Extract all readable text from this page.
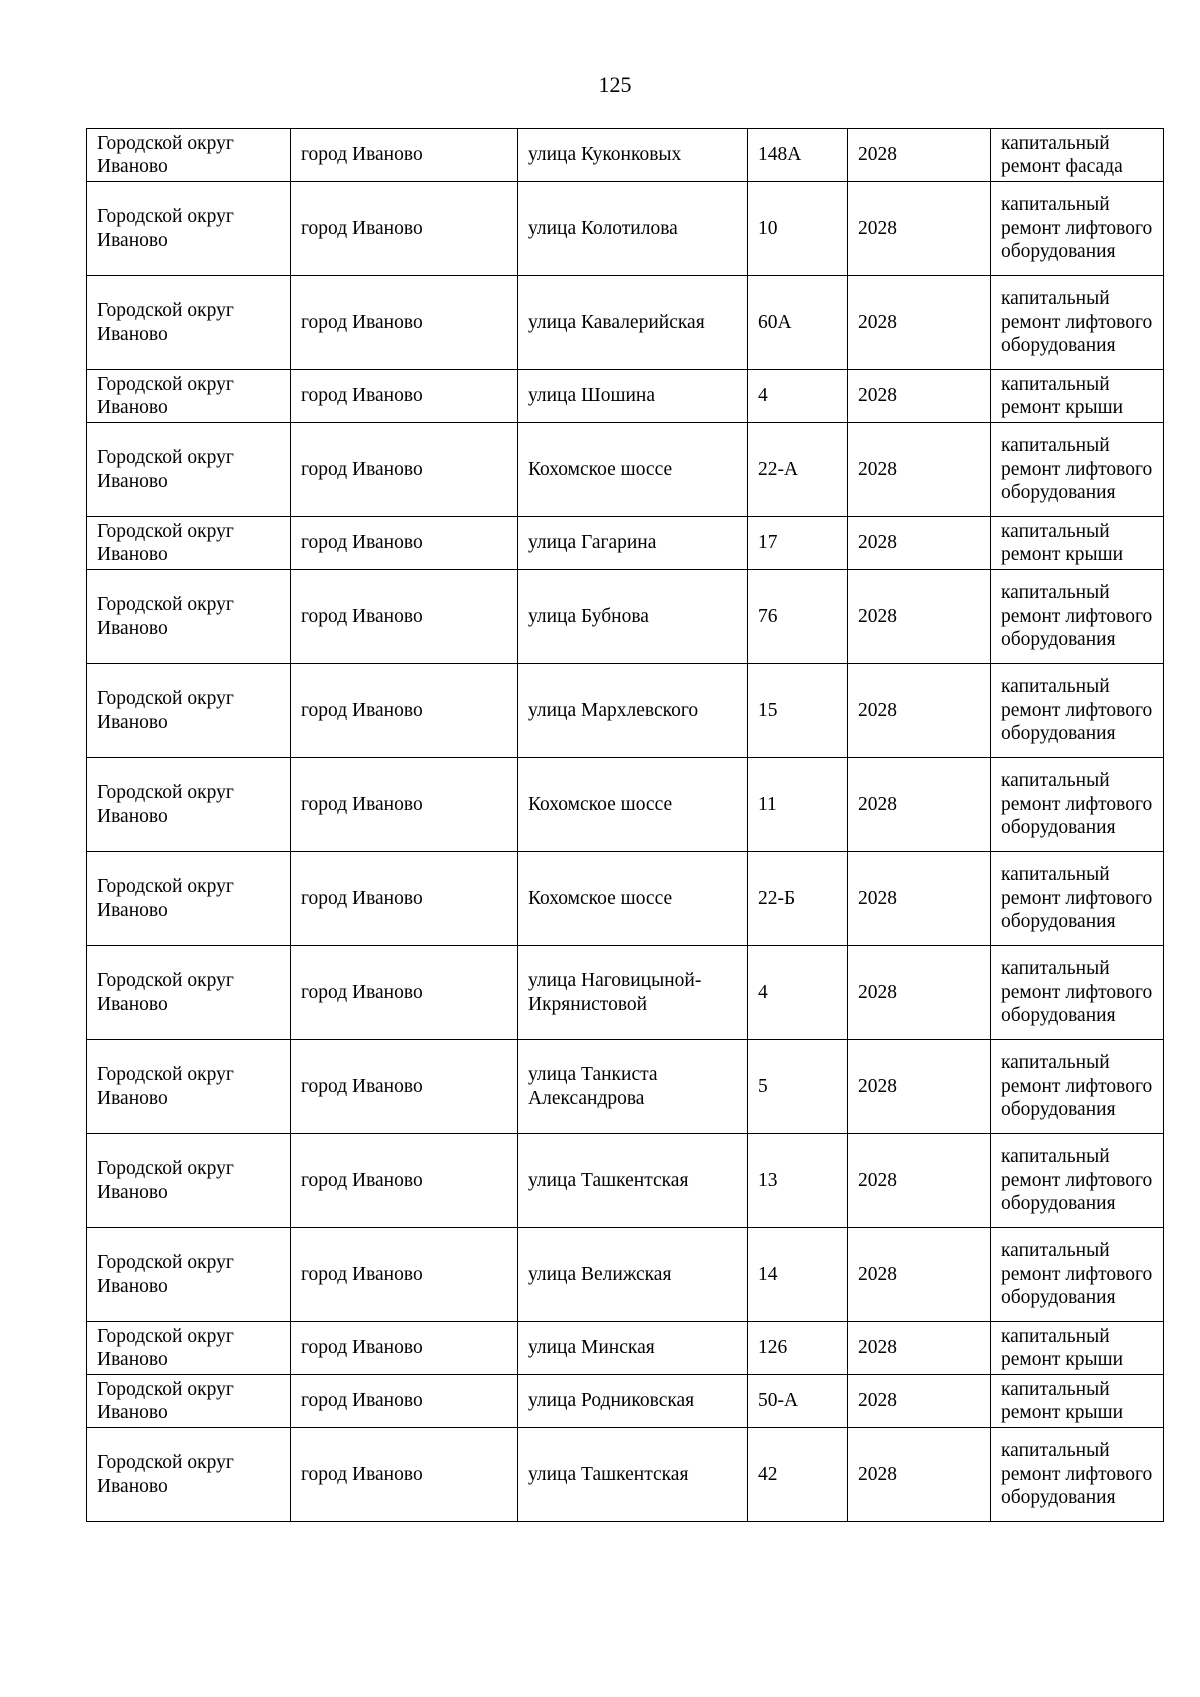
125
Городской округ Иваново	город Иваново	улица Куконковых	148А	2028	капитальный ремонт фасада

Городской округ Иваново	город Иваново	улица Колотилова	10	2028	капитальный ремонт лифтового оборудования

Городской округ Иваново	город Иваново	улица Кавалерийская	60А	2028	капитальный ремонт лифтового оборудования

Городской округ Иваново	город Иваново	улица Шошина	4	2028	капитальный ремонт крыши

Городской округ Иваново	город Иваново	Кохомское шоссе	22-А	2028	капитальный ремонт лифтового оборудования

Городской округ Иваново	город Иваново	улица Гагарина	17	2028	капитальный ремонт крыши

Городской округ Иваново	город Иваново	улица Бубнова	76	2028	капитальный ремонт лифтового оборудования

Городской округ Иваново	город Иваново	улица Мархлевского	15	2028	капитальный ремонт лифтового оборудования

Городской округ Иваново	город Иваново	Кохомское шоссе	11	2028	капитальный ремонт лифтового оборудования

Городской округ Иваново	город Иваново	Кохомское шоссе	22-Б	2028	капитальный ремонт лифтового оборудования

Городской округ Иваново	город Иваново	улица Наговицыной-Икрянистовой	4	2028	капитальный ремонт лифтового оборудования

Городской округ Иваново	город Иваново	улица Танкиста Александрова	5	2028	капитальный ремонт лифтового оборудования

Городской округ Иваново	город Иваново	улица Ташкентская	13	2028	капитальный ремонт лифтового оборудования

Городской округ Иваново	город Иваново	улица Велижская	14	2028	капитальный ремонт лифтового оборудования

Городской округ Иваново	город Иваново	улица Минская	126	2028	капитальный ремонт крыши

Городской округ Иваново	город Иваново	улица Родниковская	50-А	2028	капитальный ремонт крыши

Городской округ Иваново	город Иваново	улица Ташкентская	42	2028	капитальный ремонт лифтового оборудования
